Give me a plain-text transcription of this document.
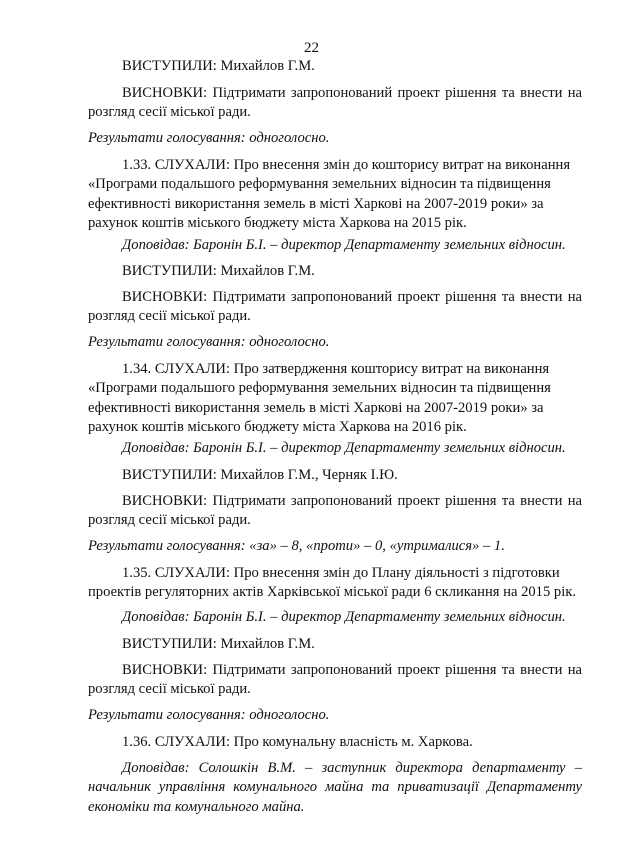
22

ВИСТУПИЛИ: Михайлов Г.М.

ВИСНОВКИ: Підтримати запропонований проект рішення та внести на розгляд сесії міської ради.

Результати голосування: одноголосно.

1.33. СЛУХАЛИ: Про внесення змін до кошторису витрат на виконання «Програми подальшого реформування земельних відносин та підвищення ефективності використання земель в місті Харкові на 2007-2019 роки» за рахунок коштів міського бюджету міста Харкова на 2015 рік.

Доповідав: Баронін Б.І. – директор Департаменту земельних відносин.

ВИСТУПИЛИ: Михайлов Г.М.

ВИСНОВКИ: Підтримати запропонований проект рішення та внести на розгляд сесії міської ради.

Результати голосування: одноголосно.

1.34. СЛУХАЛИ: Про затвердження кошторису витрат на виконання «Програми подальшого реформування земельних відносин та підвищення ефективності використання земель в місті Харкові на 2007-2019 роки» за рахунок коштів міського бюджету міста Харкова на 2016 рік.

Доповідав: Баронін Б.І. – директор Департаменту земельних відносин.

ВИСТУПИЛИ: Михайлов Г.М., Черняк І.Ю.

ВИСНОВКИ: Підтримати запропонований проект рішення та внести на розгляд сесії міської ради.

Результати голосування: «за» – 8, «проти» – 0, «утрималися» – 1.

1.35. СЛУХАЛИ: Про внесення змін до Плану діяльності з підготовки проектів регуляторних актів Харківської міської ради 6 скликання на 2015 рік.

Доповідав: Баронін Б.І. – директор Департаменту земельних відносин.

ВИСТУПИЛИ: Михайлов Г.М.

ВИСНОВКИ: Підтримати запропонований проект рішення та внести на розгляд сесії міської ради.

Результати голосування: одноголосно.

1.36. СЛУХАЛИ: Про комунальну власність м. Харкова.

Доповідав: Солошкін В.М. – заступник директора департаменту – начальник управління комунального майна та приватизації Департаменту економіки та комунального майна.
